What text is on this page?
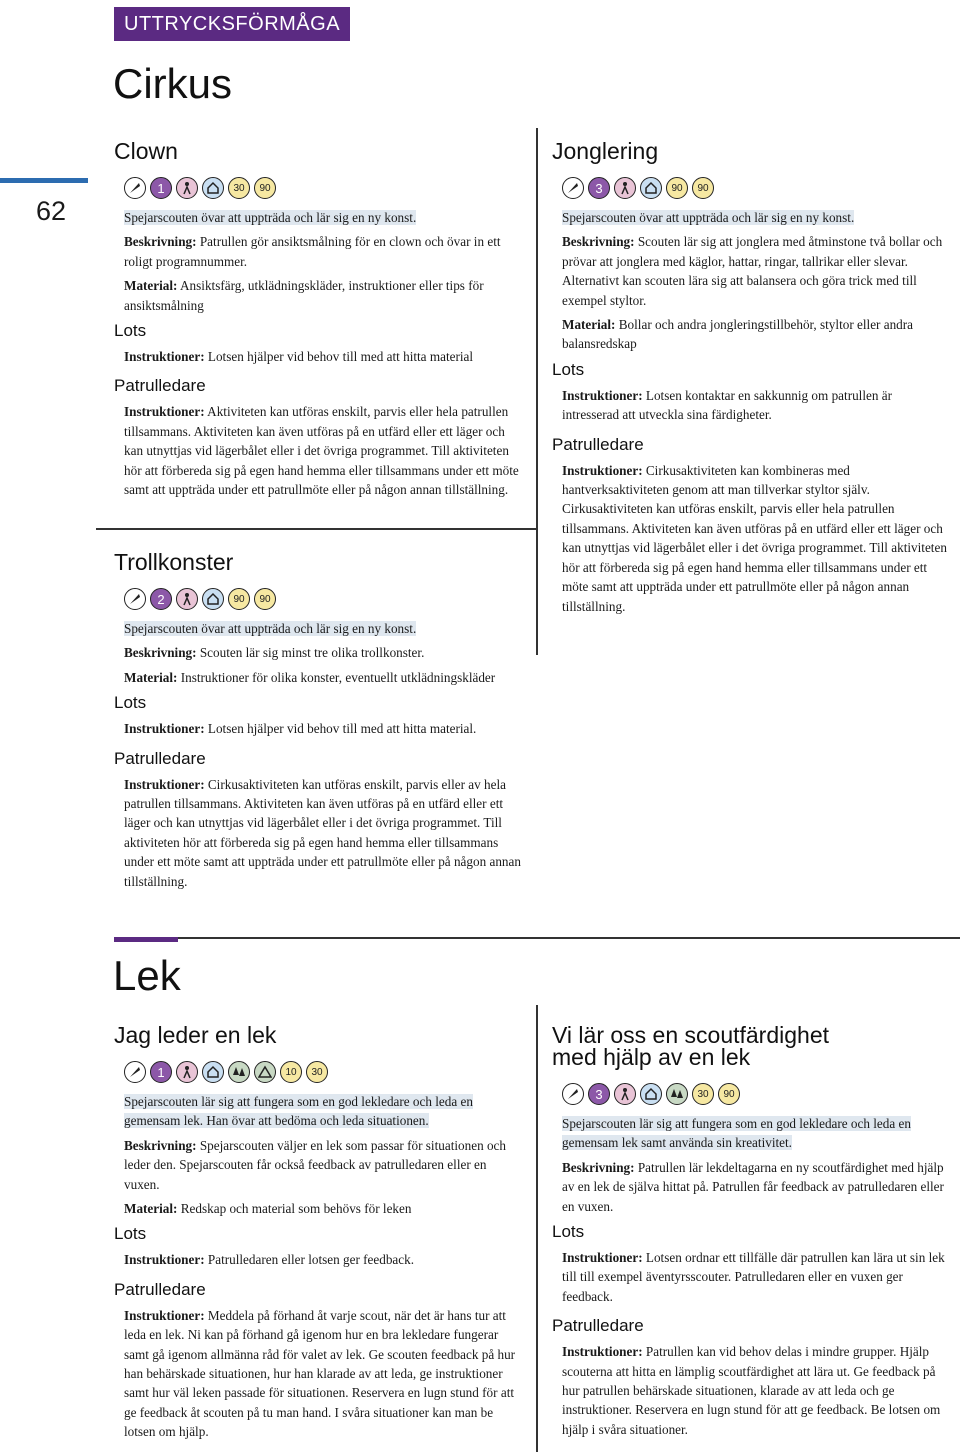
UTTRYCKSFÖRMÅGA
Cirkus
62
Clown
1	30	90

Spejarscouten övar att uppträda och lär sig en ny konst.

Beskrivning: Patrullen gör ansiktsmålning för en clown och övar in ett roligt programnummer.

Material: Ansiktsfärg, utklädningskläder, instruktioner eller tips för ansiktsmålning

Lots

Instruktioner: Lotsen hjälper vid behov till med att hitta material

Patrulledare

Instruktioner: Aktiviteten kan utföras enskilt, parvis eller hela patrullen tillsammans. Aktiviteten kan även utföras på en utfärd eller ett läger och kan utnyttjas vid lägerbålet eller i det övriga programmet. Till aktiviteten hör att förbereda sig på egen hand hemma eller tillsammans under ett möte samt att uppträda under ett patrullmöte eller på någon annan tillställning.

Trollkonster
2	90	90

Spejarscouten övar att uppträda och lär sig en ny konst.

Beskrivning: Scouten lär sig minst tre olika trollkonster.

Material: Instruktioner för olika konster, eventuellt utklädningskläder

Lots

Instruktioner: Lotsen hjälper vid behov till med att hitta material.

Patrulledare

Instruktioner: Cirkusaktiviteten kan utföras enskilt, parvis eller av hela patrullen tillsammans. Aktiviteten kan även utföras på en utfärd eller ett läger och kan utnyttjas vid lägerbålet eller i det övriga programmet. Till aktiviteten hör att förbereda sig på egen hand hemma eller tillsammans under ett möte samt att uppträda under ett patrullmöte eller på någon annan tillställning.

Jonglering
3	90	90

Spejarscouten övar att uppträda och lär sig en ny konst.

Beskrivning: Scouten lär sig att jonglera med åtminstone två bollar och prövar att jonglera med käglor, hattar, ringar, tallrikar eller slevar.

Alternativt kan scouten lära sig att balansera och göra trick med till exempel styltor.

Material: Bollar och andra jongleringstillbehör, styltor eller andra balansredskap

Lots

Instruktioner: Lotsen kontaktar en sakkunnig om patrullen är intresserad att utveckla sina färdigheter.

Patrulledare

Instruktioner: Cirkusaktiviteten kan kombineras med hantverksaktiviteten genom att man tillverkar styltor själv. Cirkusaktiviteten kan utföras enskilt, parvis eller hela patrullen tillsammans. Aktiviteten kan även utföras på en utfärd eller ett läger och kan utnyttjas vid lägerbålet eller i det övriga programmet. Till aktiviteten hör att förbereda sig på egen hand hemma eller tillsammans under ett möte samt att uppträda under ett patrullmöte eller på någon annan tillställning.

Lek
Jag leder en lek
1	10	30

Spejarscouten lär sig att fungera som en god lekledare och leda en gemensam lek. Han övar att bedöma och leda situationen.

Beskrivning: Spejarscouten väljer en lek som passar för situationen och leder den. Spejarscouten får också feedback av patrulledaren eller en vuxen.

Material: Redskap och material som behövs för leken

Lots

Instruktioner: Patrulledaren eller lotsen ger feedback.

Patrulledare

Instruktioner: Meddela på förhand åt varje scout, när det är hans tur att leda en lek. Ni kan på förhand gå igenom hur en bra lekledare fungerar samt gå igenom allmänna råd för valet av lek. Ge scouten feedback på hur han behärskade situationen, hur han klarade av att leda, ge instruktioner samt hur väl leken passade för situationen. Reservera en lugn stund för att ge feedback åt scouten på tu man hand. I svåra situationer kan man be lotsen om hjälp.

Vi lär oss en scoutfärdighet
med hjälp av en lek
3	30	90

Spejarscouten lär sig att fungera som en god lekledare och leda en gemensam lek samt använda sin kreativitet.

Beskrivning: Patrullen lär lekdeltagarna en ny scoutfärdighet med hjälp av en lek de själva hittat på. Patrullen får feedback av patrulledaren eller en vuxen.

Lots

Instruktioner: Lotsen ordnar ett tillfälle där patrullen kan lära ut sin lek till till exempel äventyrsscouter. Patrulledaren eller en vuxen ger feedback.

Patrulledare

Instruktioner: Patrullen kan vid behov delas i mindre grupper. Hjälp scouterna att hitta en lämplig scoutfärdighet att lära ut. Ge feedback på hur patrullen behärskade situationen, klarade av att leda och ge instruktioner. Reservera en lugn stund för att ge feedback. Be lotsen om hjälp i svåra situationer.
